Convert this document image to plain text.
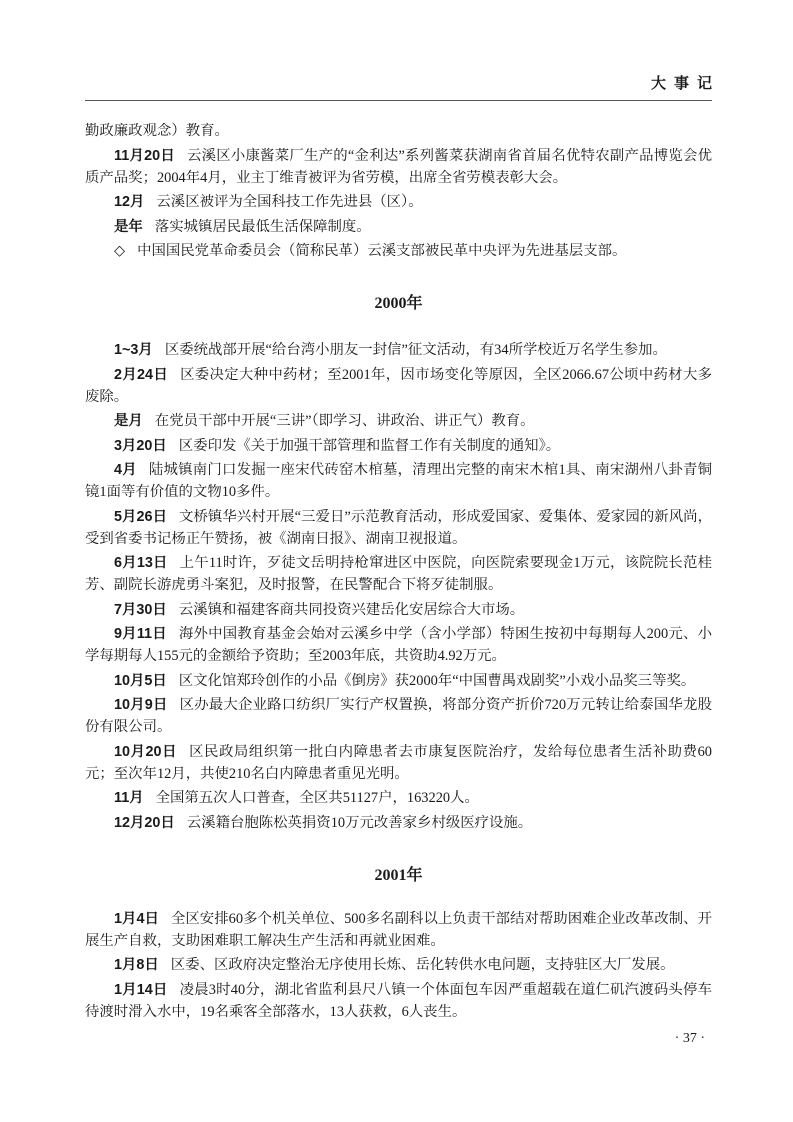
大事记

勤政廉政观念）教育。

11月20日 云溪区小康酱菜厂生产的“金利达”系列酱菜获湖南省首届名优特农副产品博览会优质产品奖；2004年4月，业主丁维青被评为省劳模，出席全省劳模表彰大会。

12月 云溪区被评为全国科技工作先进县（区）。

是年 落实城镇居民最低生活保障制度。

◇ 中国国民党革命委员会（简称民革）云溪支部被民革中央评为先进基层支部。

2000年

1~3月 区委统战部开展“给台湾小朋友一封信”征文活动，有34所学校近万名学生参加。

2月24日 区委决定大种中药材；至2001年，因市场变化等原因，全区2066.67公顷中药材大多废除。

是月 在党员干部中开展“三讲”（即学习、讲政治、讲正气）教育。

3月20日 区委印发《关于加强干部管理和监督工作有关制度的通知》。

4月 陆城镇南门口发掘一座宋代砖窑木棺墓，清理出完整的南宋木棺1具、南宋湖州八卦青铜镜1面等有价值的文物10多件。

5月26日 文桥镇华兴村开展“三爱日”示范教育活动，形成爱国家、爱集体、爱家园的新风尚，受到省委书记杨正午赞扬，被《湖南日报》、湖南卫视报道。

6月13日 上午11时许，歹徒文岳明持枪窜进区中医院，向医院索要现金1万元，该院院长范桂芳、副院长游虎勇斗案犯，及时报警，在民警配合下将歹徒制服。

7月30日 云溪镇和福建客商共同投资兴建岳化安居综合大市场。

9月11日 海外中国教育基金会始对云溪乡中学（含小学部）特困生按初中每期每人200元、小学每期每人155元的金额给予资助；至2003年底，共资助4.92万元。

10月5日 区文化馆郑玲创作的小品《倒房》获2000年“中国曹禺戏剧奖”小戏小品奖三等奖。

10月9日 区办最大企业路口纺织厂实行产权置换，将部分资产折价720万元转让给泰国华龙股份有限公司。

10月20日 区民政局组织第一批白内障患者去市康复医院治疗，发给每位患者生活补助费60元；至次年12月，共使210名白内障患者重见光明。

11月 全国第五次人口普查，全区共51127户，163220人。

12月20日 云溪籍台胞陈松英捐资10万元改善家乡村级医疗设施。

2001年

1月4日 全区安排60多个机关单位、500多名副科以上负责干部结对帮助困难企业改革改制、开展生产自救，支助困难职工解决生产生活和再就业困难。

1月8日 区委、区政府决定整治无序使用长炼、岳化转供水电问题，支持驻区大厂发展。

1月14日 凌晨3时40分，湖北省监利县尺八镇一个体面包车因严重超载在道仁矶汽渡码头停车待渡时滑入水中，19名乘客全部落水，13人获救，6人丧生。

· 37 ·
